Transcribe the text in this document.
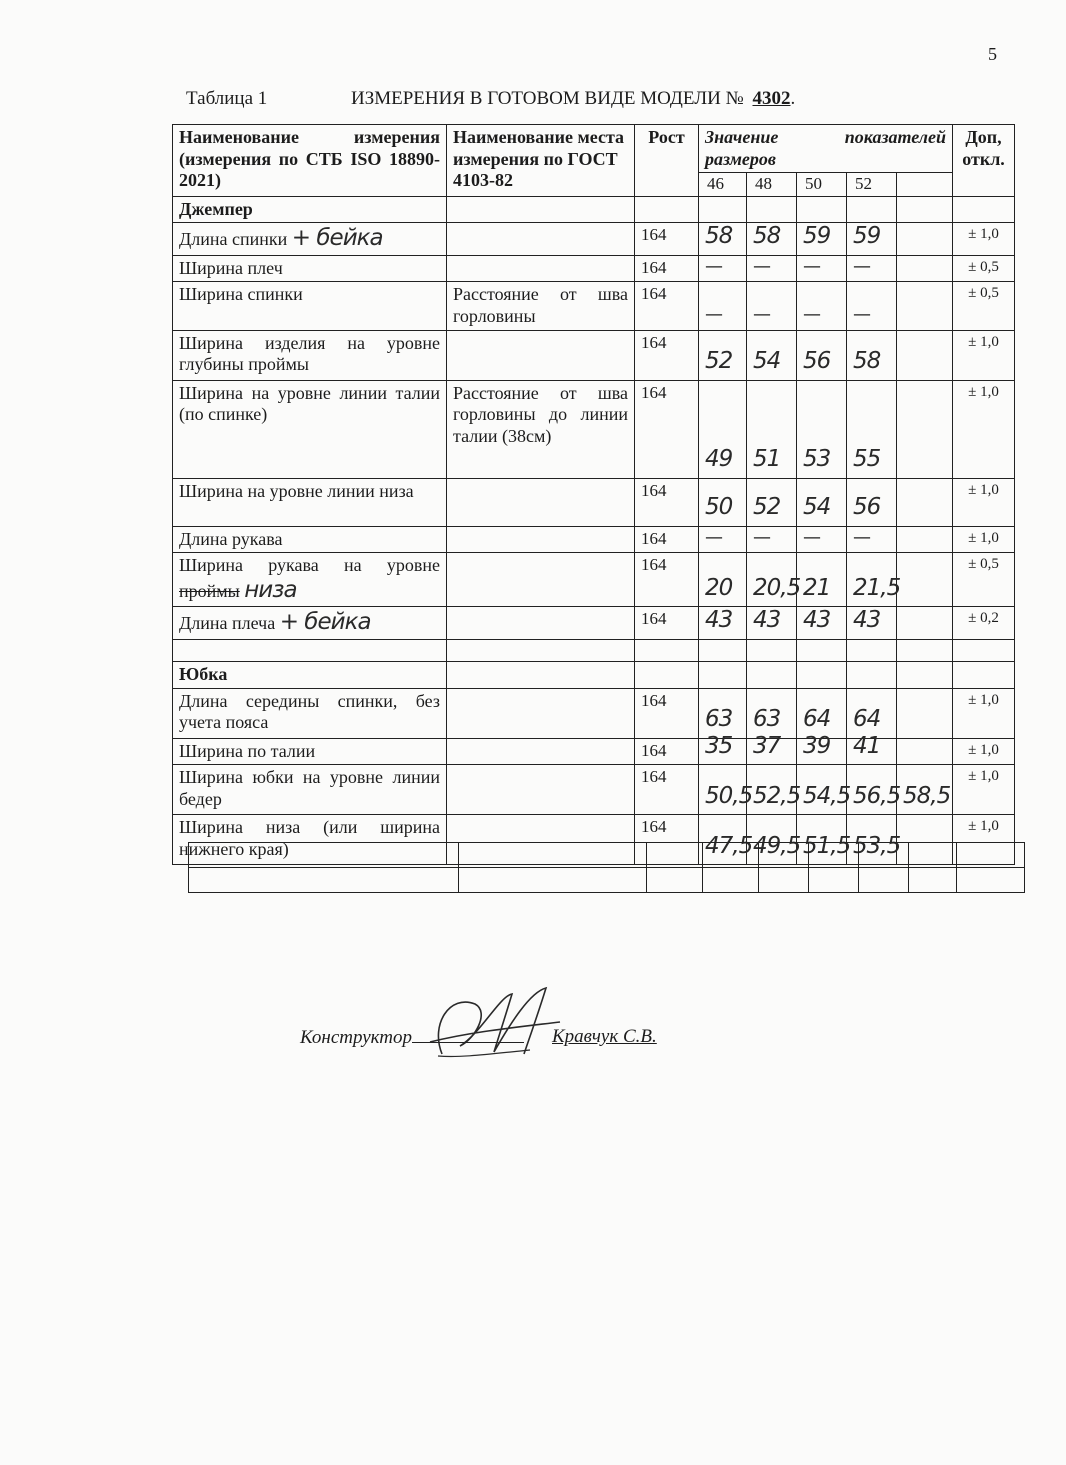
5
Таблица 1	ИЗМЕРЕНИЯ В ГОТОВОМ ВИДЕ МОДЕЛИ № 4302.
Наименование измерения (измерения по СТБ ISO 18890-2021)	Наименование места измерения по ГОСТ 4103-82	Рост	Значение показателей размеров					Доп, откл.
			46	48	50	52		
Джемпер								
Длина спинки + бейка		164	58	58	59	59		± 1,0
Ширина плеч		164	—	—	—	—		± 0,5
Ширина спинки	Расстояние от шва горловины	164	—	—	—	—		± 0,5
Ширина изделия на уровне глубины проймы		164	52	54	56	58		± 1,0
Ширина на уровне линии талии (по спинке)	Расстояние от шва горловины до линии талии (38см)	164	49	51	53	55		± 1,0
Ширина на уровне линии низа		164	50	52	54	56		± 1,0
Длина рукава		164	—	—	—	—		± 1,0
Ширина рукава на уровне проймы низа		164	20	20,5	21	21,5		± 0,5
Длина плеча + бейка		164	43	43	43	43		± 0,2

Юбка								
Длина середины спинки, без учета пояса		164	63	63	64	64		± 1,0
Ширина по талии		164	35	37	39	41		± 1,0
Ширина юбки на уровне линии бедер		164	50,5	52,5	54,5	56,5	58,5	± 1,0
Ширина низа (или ширина нижнего края)		164	47,5	49,5	51,5	53,5		± 1,0

Конструктор	Кравчук С.В.
